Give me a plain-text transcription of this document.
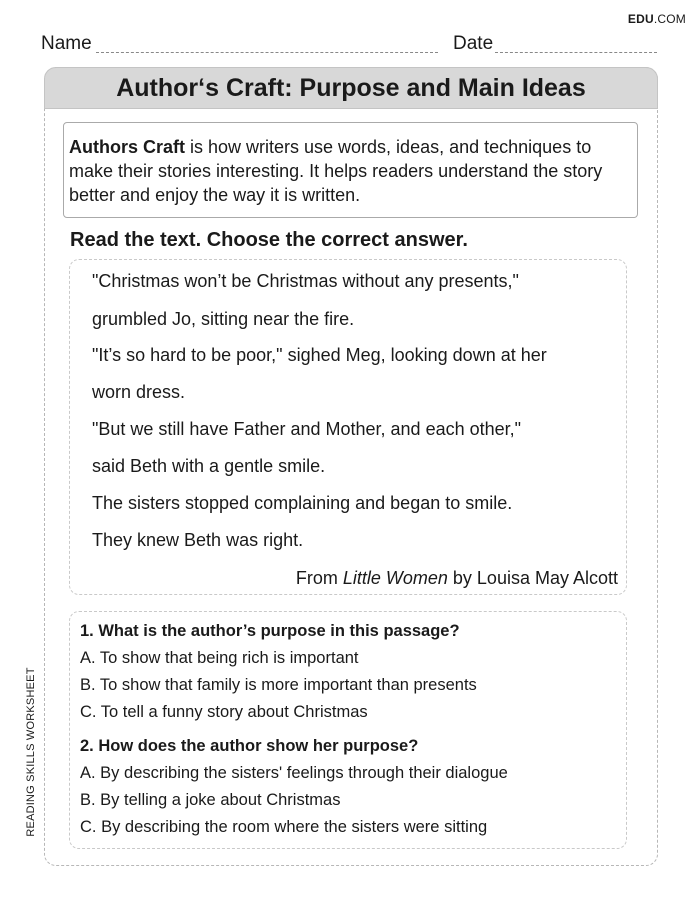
EDU.COM
Name	Date
READING SKILLS WORKSHEET
Author‘s Craft: Purpose and Main Ideas
Authors Craft is how writers use words, ideas, and techniques to make their stories interesting. It helps readers understand the story better and enjoy the way it is written.
Read the text. Choose the correct answer.
"Christmas won’t be Christmas without any presents,"
grumbled Jo, sitting near the fire.
"It’s so hard to be poor," sighed Meg, looking down at her
worn dress.
"But we still have Father and Mother, and each other,"
said Beth with a gentle smile.
The sisters stopped complaining and began to smile.
They knew Beth was right.
From Little Women by Louisa May Alcott
1. What is the author’s purpose in this passage?
A. To show that being rich is important
B. To show that family is more important than presents
C. To tell a funny story about Christmas
2. How does the author show her purpose?
A. By describing the sisters' feelings through their dialogue
B. By telling a joke about Christmas
C. By describing the room where the sisters were sitting
